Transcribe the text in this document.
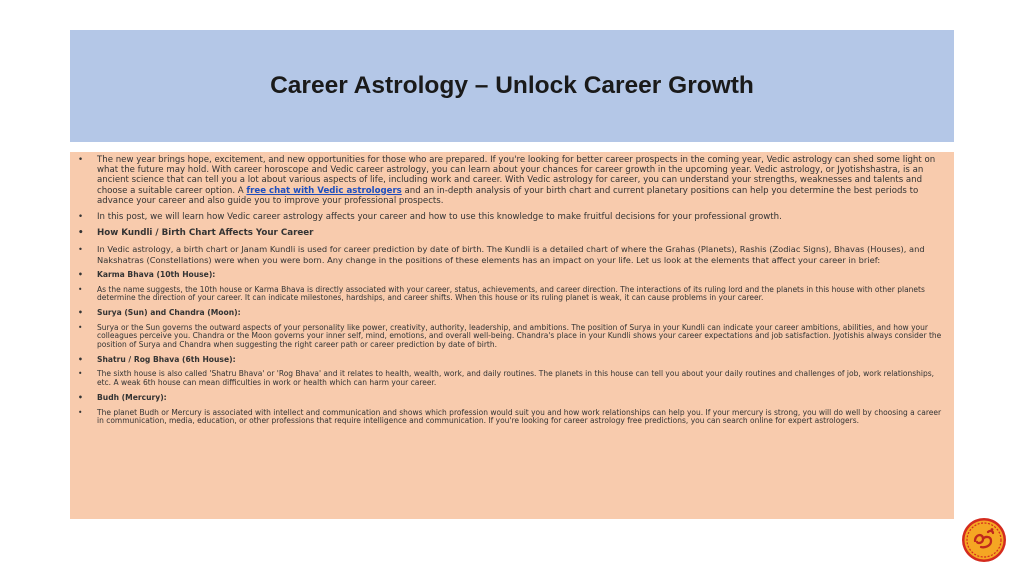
Career Astrology – Unlock Career Growth
• The new year brings hope, excitement, and new opportunities for those who are prepared. If you're looking for better career prospects in the coming year, Vedic astrology can shed some light on what the future may hold. With career horoscope and Vedic career astrology, you can learn about your chances for career growth in the upcoming year. Vedic astrology, or Jyotishshastra, is an ancient science that can tell you a lot about various aspects of life, including work and career. With Vedic astrology for career, you can understand your strengths, weaknesses and talents and choose a suitable career option. A free chat with Vedic astrologers and an in-depth analysis of your birth chart and current planetary positions can help you determine the best periods to advance your career and also guide you to improve your professional prospects.
• In this post, we will learn how Vedic career astrology affects your career and how to use this knowledge to make fruitful decisions for your professional growth.
• How Kundli / Birth Chart Affects Your Career
• In Vedic astrology, a birth chart or Janam Kundli is used for career prediction by date of birth. The Kundli is a detailed chart of where the Grahas (Planets), Rashis (Zodiac Signs), Bhavas (Houses), and Nakshatras (Constellations) were when you were born. Any change in the positions of these elements has an impact on your life. Let us look at the elements that affect your career in brief:
• Karma Bhava (10th House):
• As the name suggests, the 10th house or Karma Bhava is directly associated with your career, status, achievements, and career direction. The interactions of its ruling lord and the planets in this house with other planets determine the direction of your career. It can indicate milestones, hardships, and career shifts. When this house or its ruling planet is weak, it can cause problems in your career.
• Surya (Sun) and Chandra (Moon):
• Surya or the Sun governs the outward aspects of your personality like power, creativity, authority, leadership, and ambitions. The position of Surya in your Kundli can indicate your career ambitions, abilities, and how your colleagues perceive you. Chandra or the Moon governs your inner self, mind, emotions, and overall well-being. Chandra's place in your Kundli shows your career expectations and job satisfaction. Jyotishis always consider the position of Surya and Chandra when suggesting the right career path or career prediction by date of birth.
• Shatru / Rog Bhava (6th House):
• The sixth house is also called 'Shatru Bhava' or 'Rog Bhava' and it relates to health, wealth, work, and daily routines. The planets in this house can tell you about your daily routines and challenges of job, work relationships, etc. A weak 6th house can mean difficulties in work or health which can harm your career.
• Budh (Mercury):
• The planet Budh or Mercury is associated with intellect and communication and shows which profession would suit you and how work relationships can help you. If your mercury is strong, you will do well by choosing a career in communication, media, education, or other professions that require intelligence and communication. If you're looking for career astrology free predictions, you can search online for expert astrologers.
